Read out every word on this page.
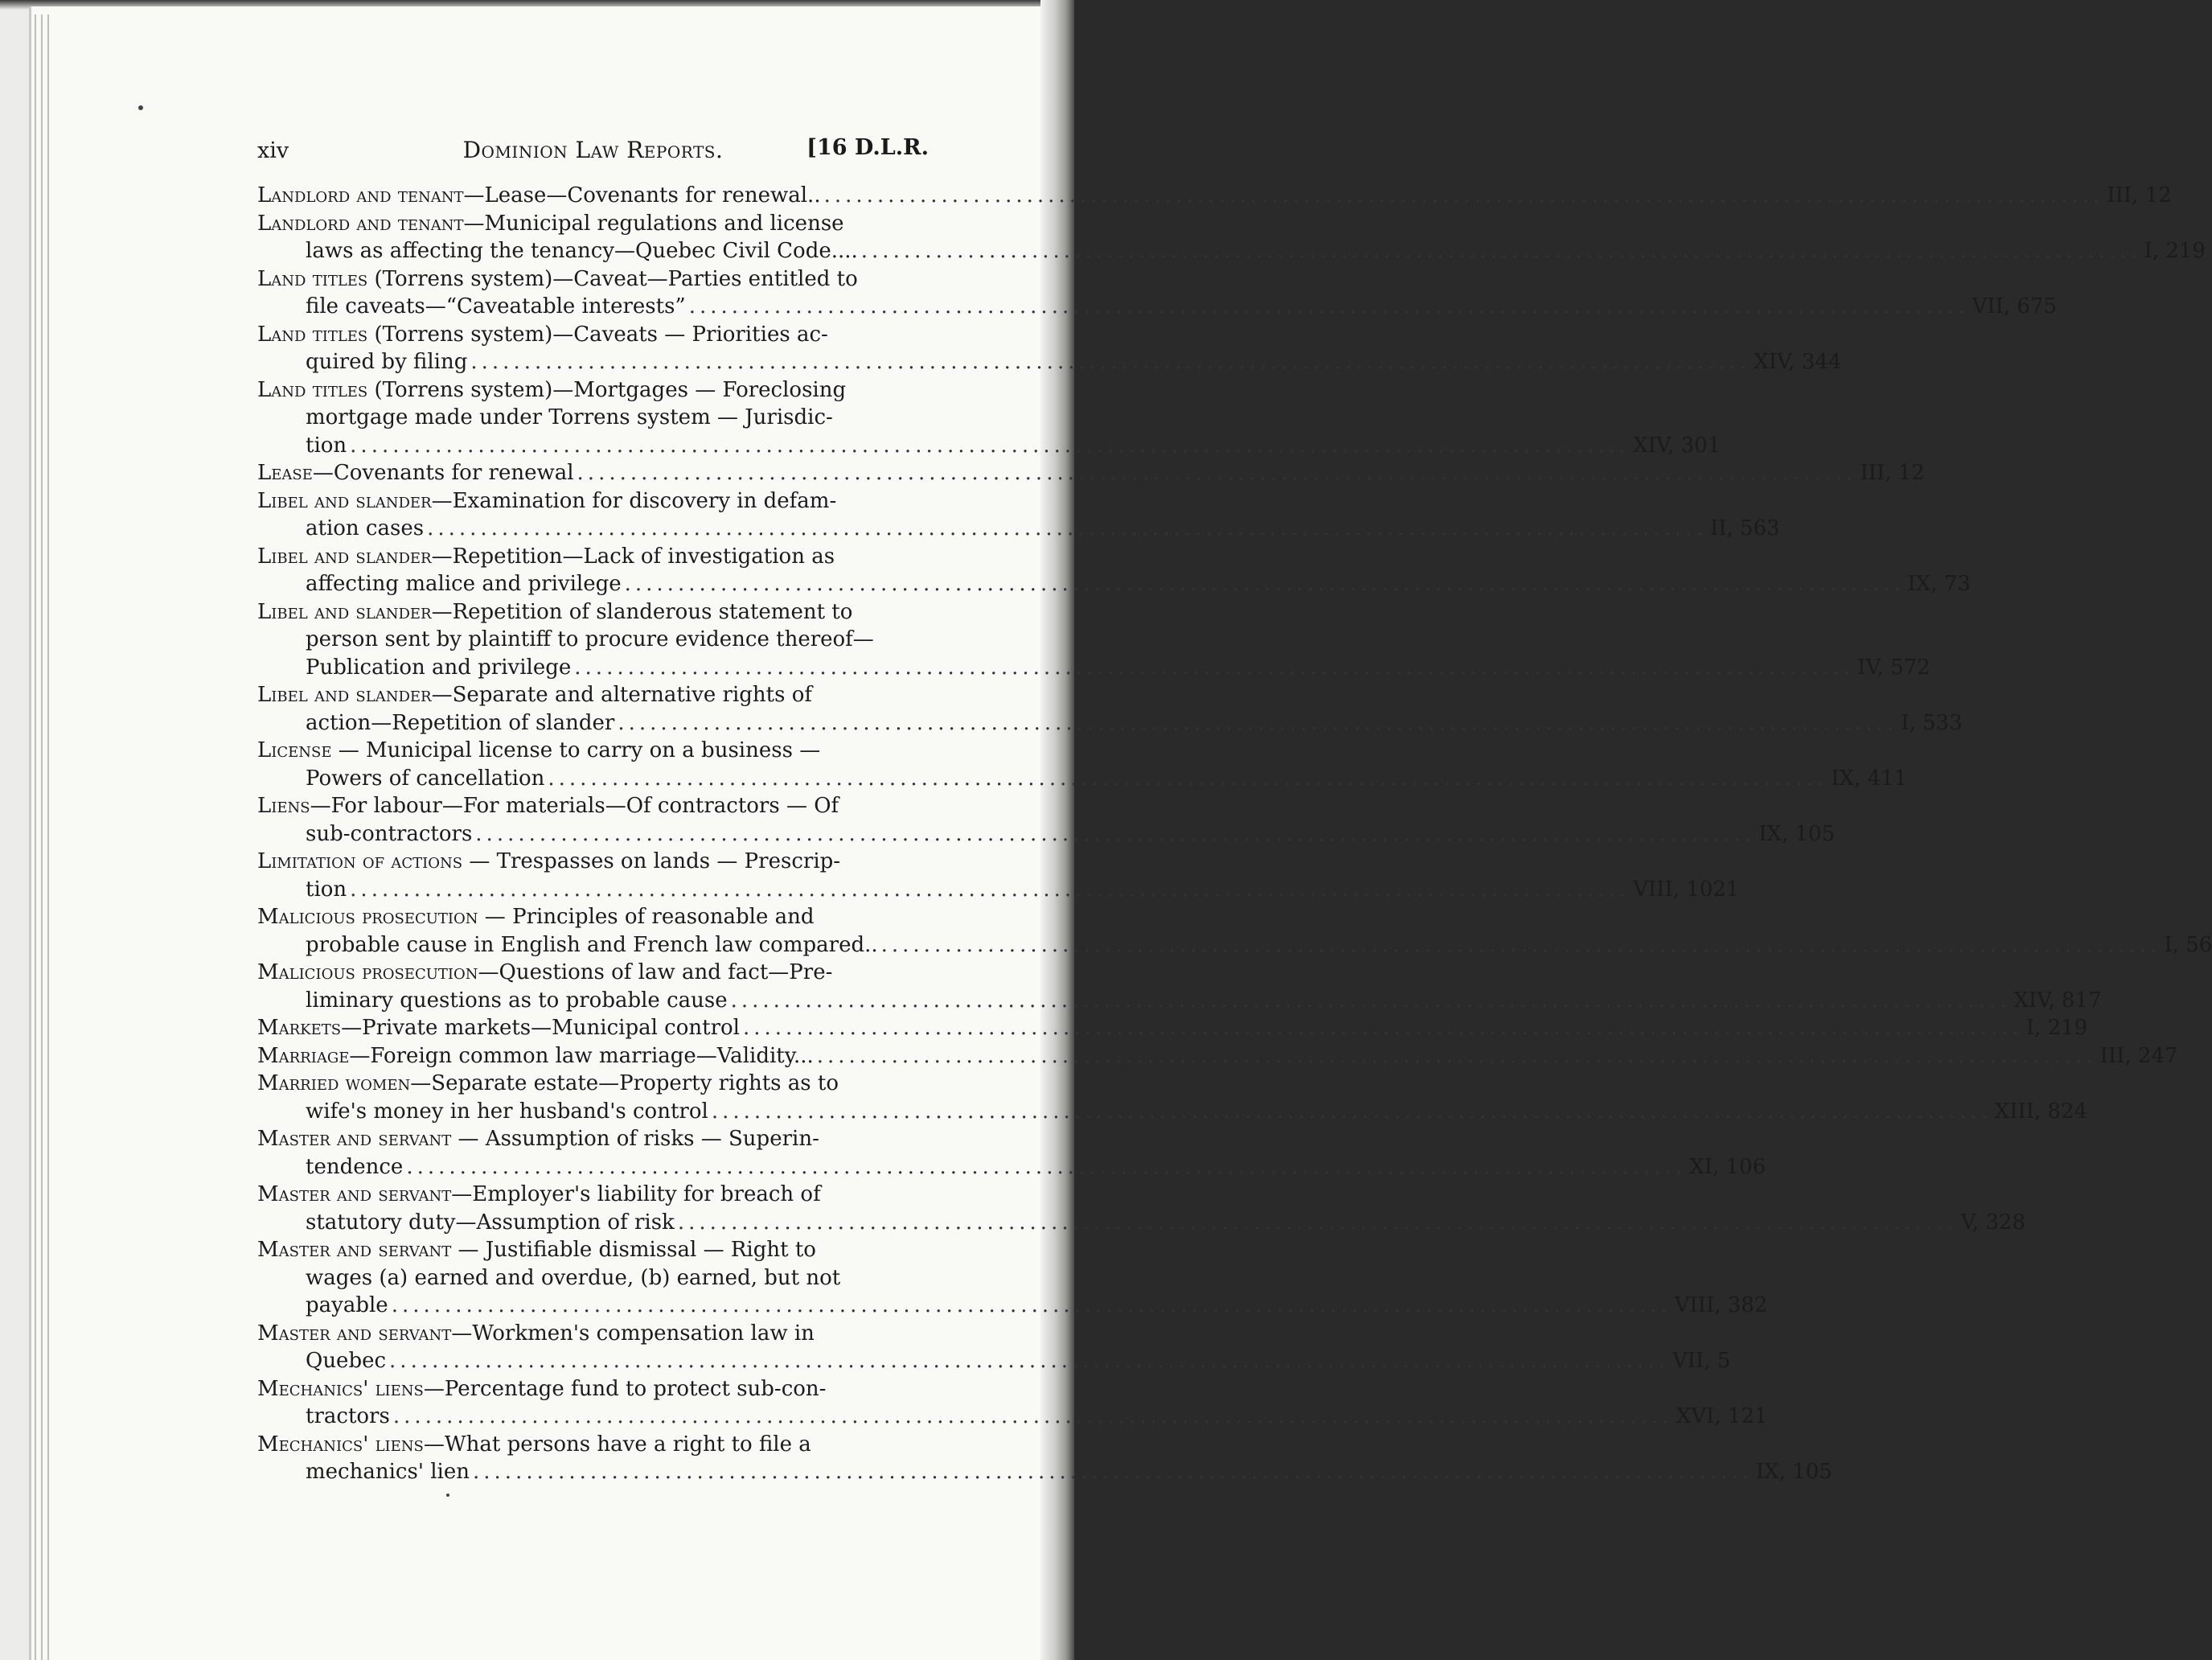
xiv	Dominion Law Reports.	[16 D.L.R.
Landlord and tenant—Lease—Covenants for renewal.. ........................................................................................................................ III, 12
Landlord and tenant—Municipal regulations and license
laws as affecting the tenancy—Quebec Civil Code.... ........................................................................................................................ I, 219
Land titles (Torrens system)—Caveat—Parties entitled to
file caveats—“Caveatable interests” ........................................................................................................................ VII, 675
Land titles (Torrens system)—Caveats — Priorities ac-
quired by filing ........................................................................................................................ XIV, 344
Land titles (Torrens system)—Mortgages — Foreclosing
mortgage made under Torrens system — Jurisdic-
tion ........................................................................................................................ XIV, 301
Lease—Covenants for renewal ........................................................................................................................ III, 12
Libel and slander—Examination for discovery in defam-
ation cases ........................................................................................................................ II, 563
Libel and slander—Repetition—Lack of investigation as
affecting malice and privilege ........................................................................................................................ IX, 73
Libel and slander—Repetition of slanderous statement to
person sent by plaintiff to procure evidence thereof—
Publication and privilege ........................................................................................................................ IV, 572
Libel and slander—Separate and alternative rights of
action—Repetition of slander ........................................................................................................................ I, 533
License — Municipal license to carry on a business —
Powers of cancellation ........................................................................................................................ IX, 411
Liens—For labour—For materials—Of contractors — Of
sub-contractors ........................................................................................................................ IX, 105
Limitation of actions — Trespasses on lands — Prescrip-
tion ........................................................................................................................ VIII, 1021
Malicious prosecution — Principles of reasonable and
probable cause in English and French law compared.. ........................................................................................................................ I, 56
Malicious prosecution—Questions of law and fact—Pre-
liminary questions as to probable cause ........................................................................................................................ XIV, 817
Markets—Private markets—Municipal control ........................................................................................................................ I, 219
Marriage—Foreign common law marriage—Validity... ........................................................................................................................ III, 247
Married women—Separate estate—Property rights as to
wife's money in her husband's control ........................................................................................................................ XIII, 824
Master and servant — Assumption of risks — Superin-
tendence ........................................................................................................................ XI, 106
Master and servant—Employer's liability for breach of
statutory duty—Assumption of risk ........................................................................................................................ V, 328
Master and servant — Justifiable dismissal — Right to
wages (a) earned and overdue, (b) earned, but not
payable ........................................................................................................................ VIII, 382
Master and servant—Workmen's compensation law in
Quebec ........................................................................................................................ VII, 5
Mechanics' liens—Percentage fund to protect sub-con-
tractors ........................................................................................................................ XVI, 121
Mechanics' liens—What persons have a right to file a
mechanics' lien ........................................................................................................................ IX, 105
